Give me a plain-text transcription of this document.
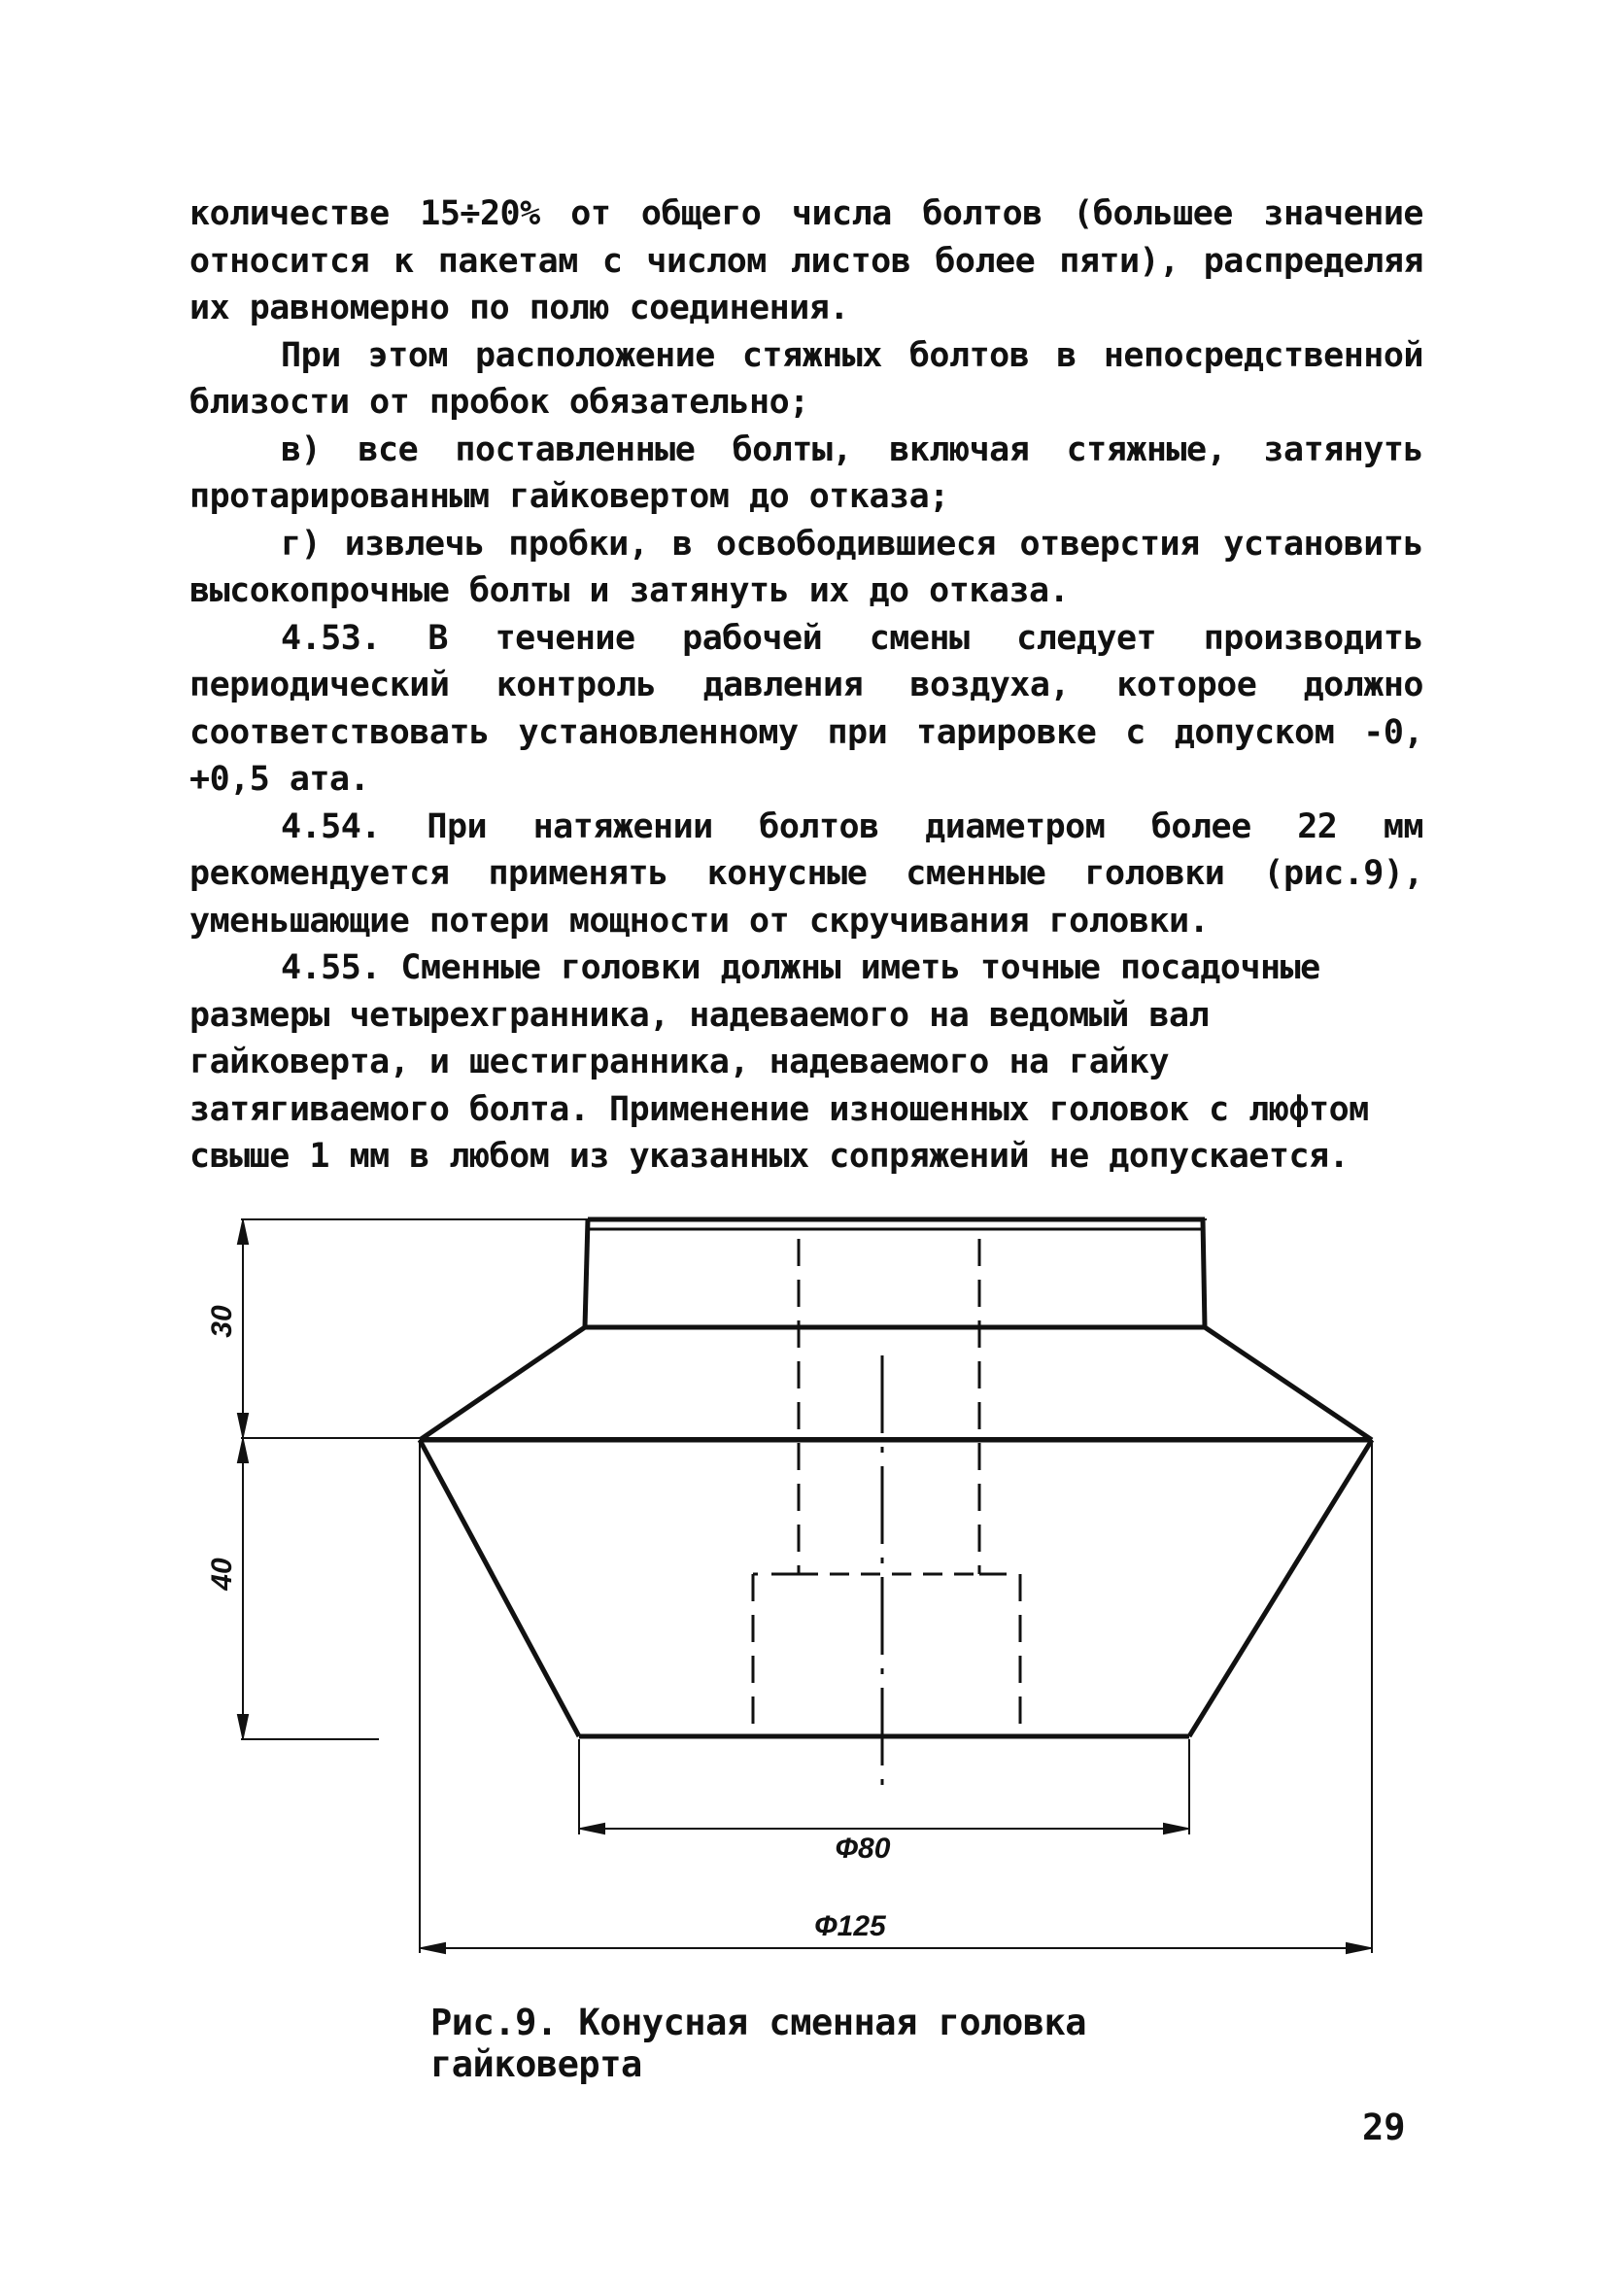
количестве 15÷20% от общего числа болтов (большее значение относится к пакетам с числом листов более пяти), распределяя их равномерно по полю соединения.

При этом расположение стяжных болтов в непосредственной близости от пробок обязательно;

в) все поставленные болты, включая стяжные, затянуть протарированным гайковертом до отказа;

г) извлечь пробки, в освободившиеся отверстия установить высокопрочные болты и затянуть их до отказа.

4.53. В течение рабочей смены следует производить периодический контроль давления воздуха, которое должно соответствовать установленному при тарировке с допуском -0, +0,5 ата.

4.54. При натяжении болтов диаметром более 22 мм рекомендуется применять конусные сменные головки (рис.9), уменьшающие потери мощности от скручивания головки.

4.55. Сменные головки должны иметь точные посадочные размеры четырехгранника, надеваемого на ведомый вал гайковерта, и шестигранника, надеваемого на гайку затягиваемого болта. Применение изношенных головок с люфтом свыше 1 мм в любом из указанных сопряжений не допускается.

30
40
Ф80
Ф125
Рис.9. Конусная сменная головка гайковерта
29
